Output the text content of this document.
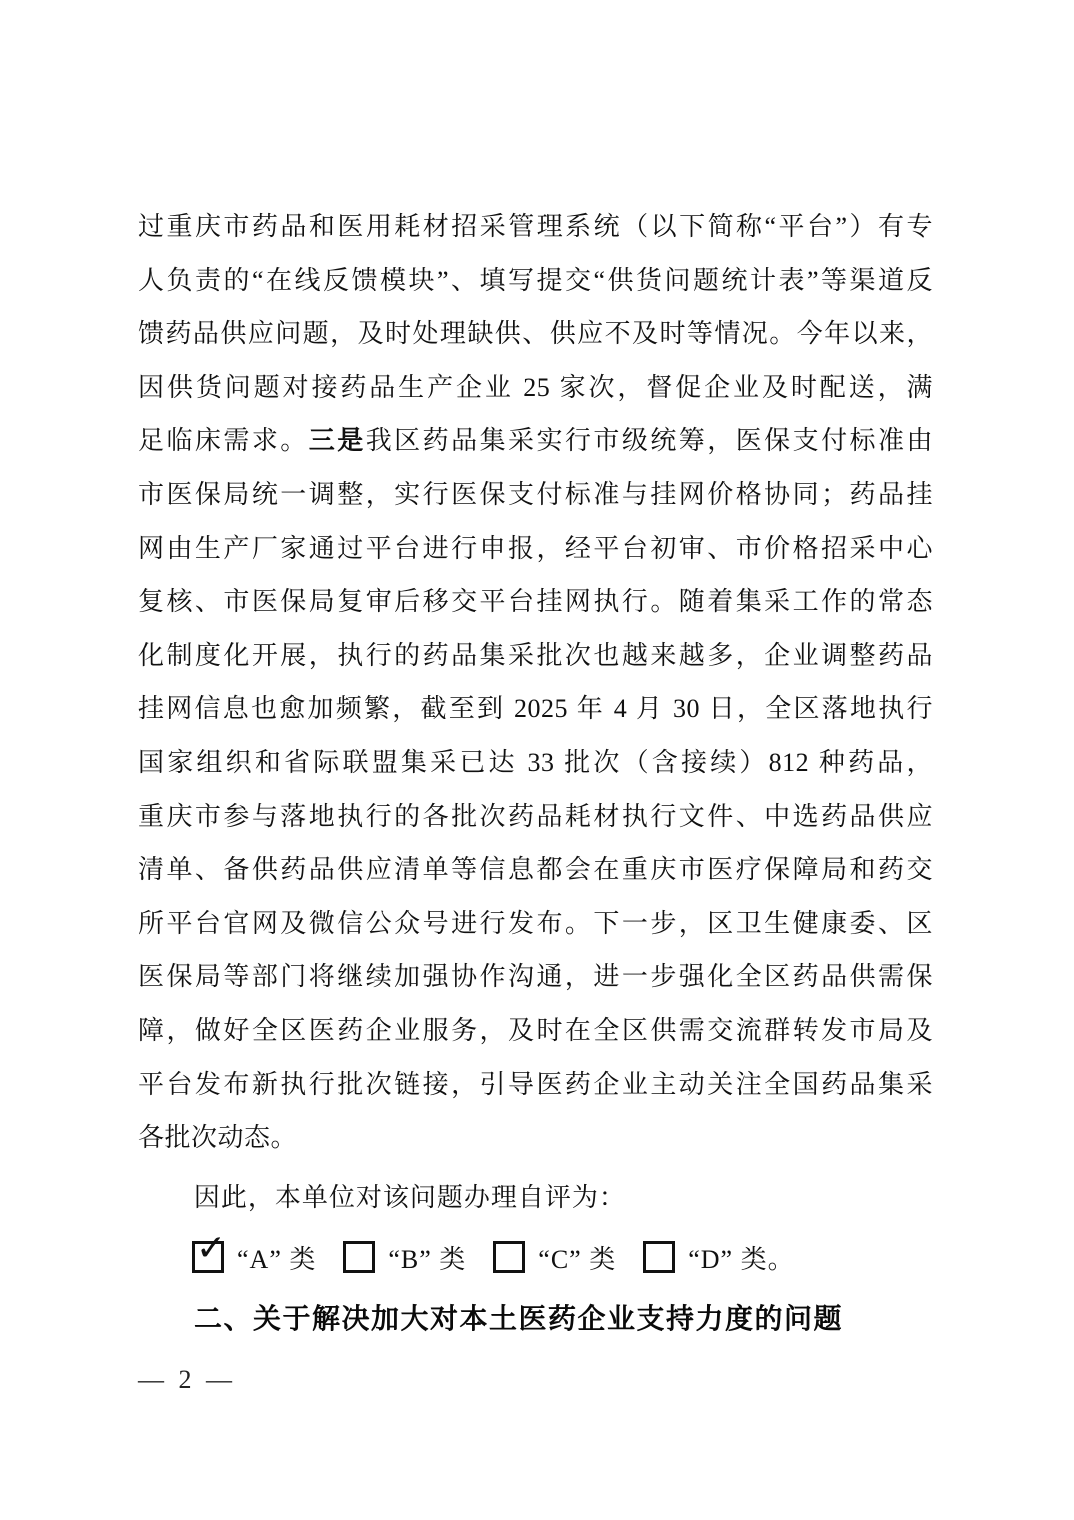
过重庆市药品和医用耗材招采管理系统（以下简称“平台”）有专
人负责的“在线反馈模块”、填写提交“供货问题统计表”等渠道反
馈药品供应问题，及时处理缺供、供应不及时等情况。今年以来，
因供货问题对接药品生产企业 25 家次，督促企业及时配送，满
足临床需求。三是我区药品集采实行市级统筹，医保支付标准由
市医保局统一调整，实行医保支付标准与挂网价格协同；药品挂
网由生产厂家通过平台进行申报，经平台初审、市价格招采中心
复核、市医保局复审后移交平台挂网执行。随着集采工作的常态
化制度化开展，执行的药品集采批次也越来越多，企业调整药品
挂网信息也愈加频繁，截至到 2025 年 4 月 30 日，全区落地执行
国家组织和省际联盟集采已达 33 批次（含接续）812 种药品，
重庆市参与落地执行的各批次药品耗材执行文件、中选药品供应
清单、备供药品供应清单等信息都会在重庆市医疗保障局和药交
所平台官网及微信公众号进行发布。下一步，区卫生健康委、区
医保局等部门将继续加强协作沟通，进一步强化全区药品供需保
障，做好全区医药企业服务，及时在全区供需交流群转发市局及
平台发布新执行批次链接，引导医药企业主动关注全国药品集采
各批次动态。
因此，本单位对该问题办理自评为：
✓ “A” 类	“B” 类	“C” 类	“D” 类。
二、关于解决加大对本土医药企业支持力度的问题
— 2 —
